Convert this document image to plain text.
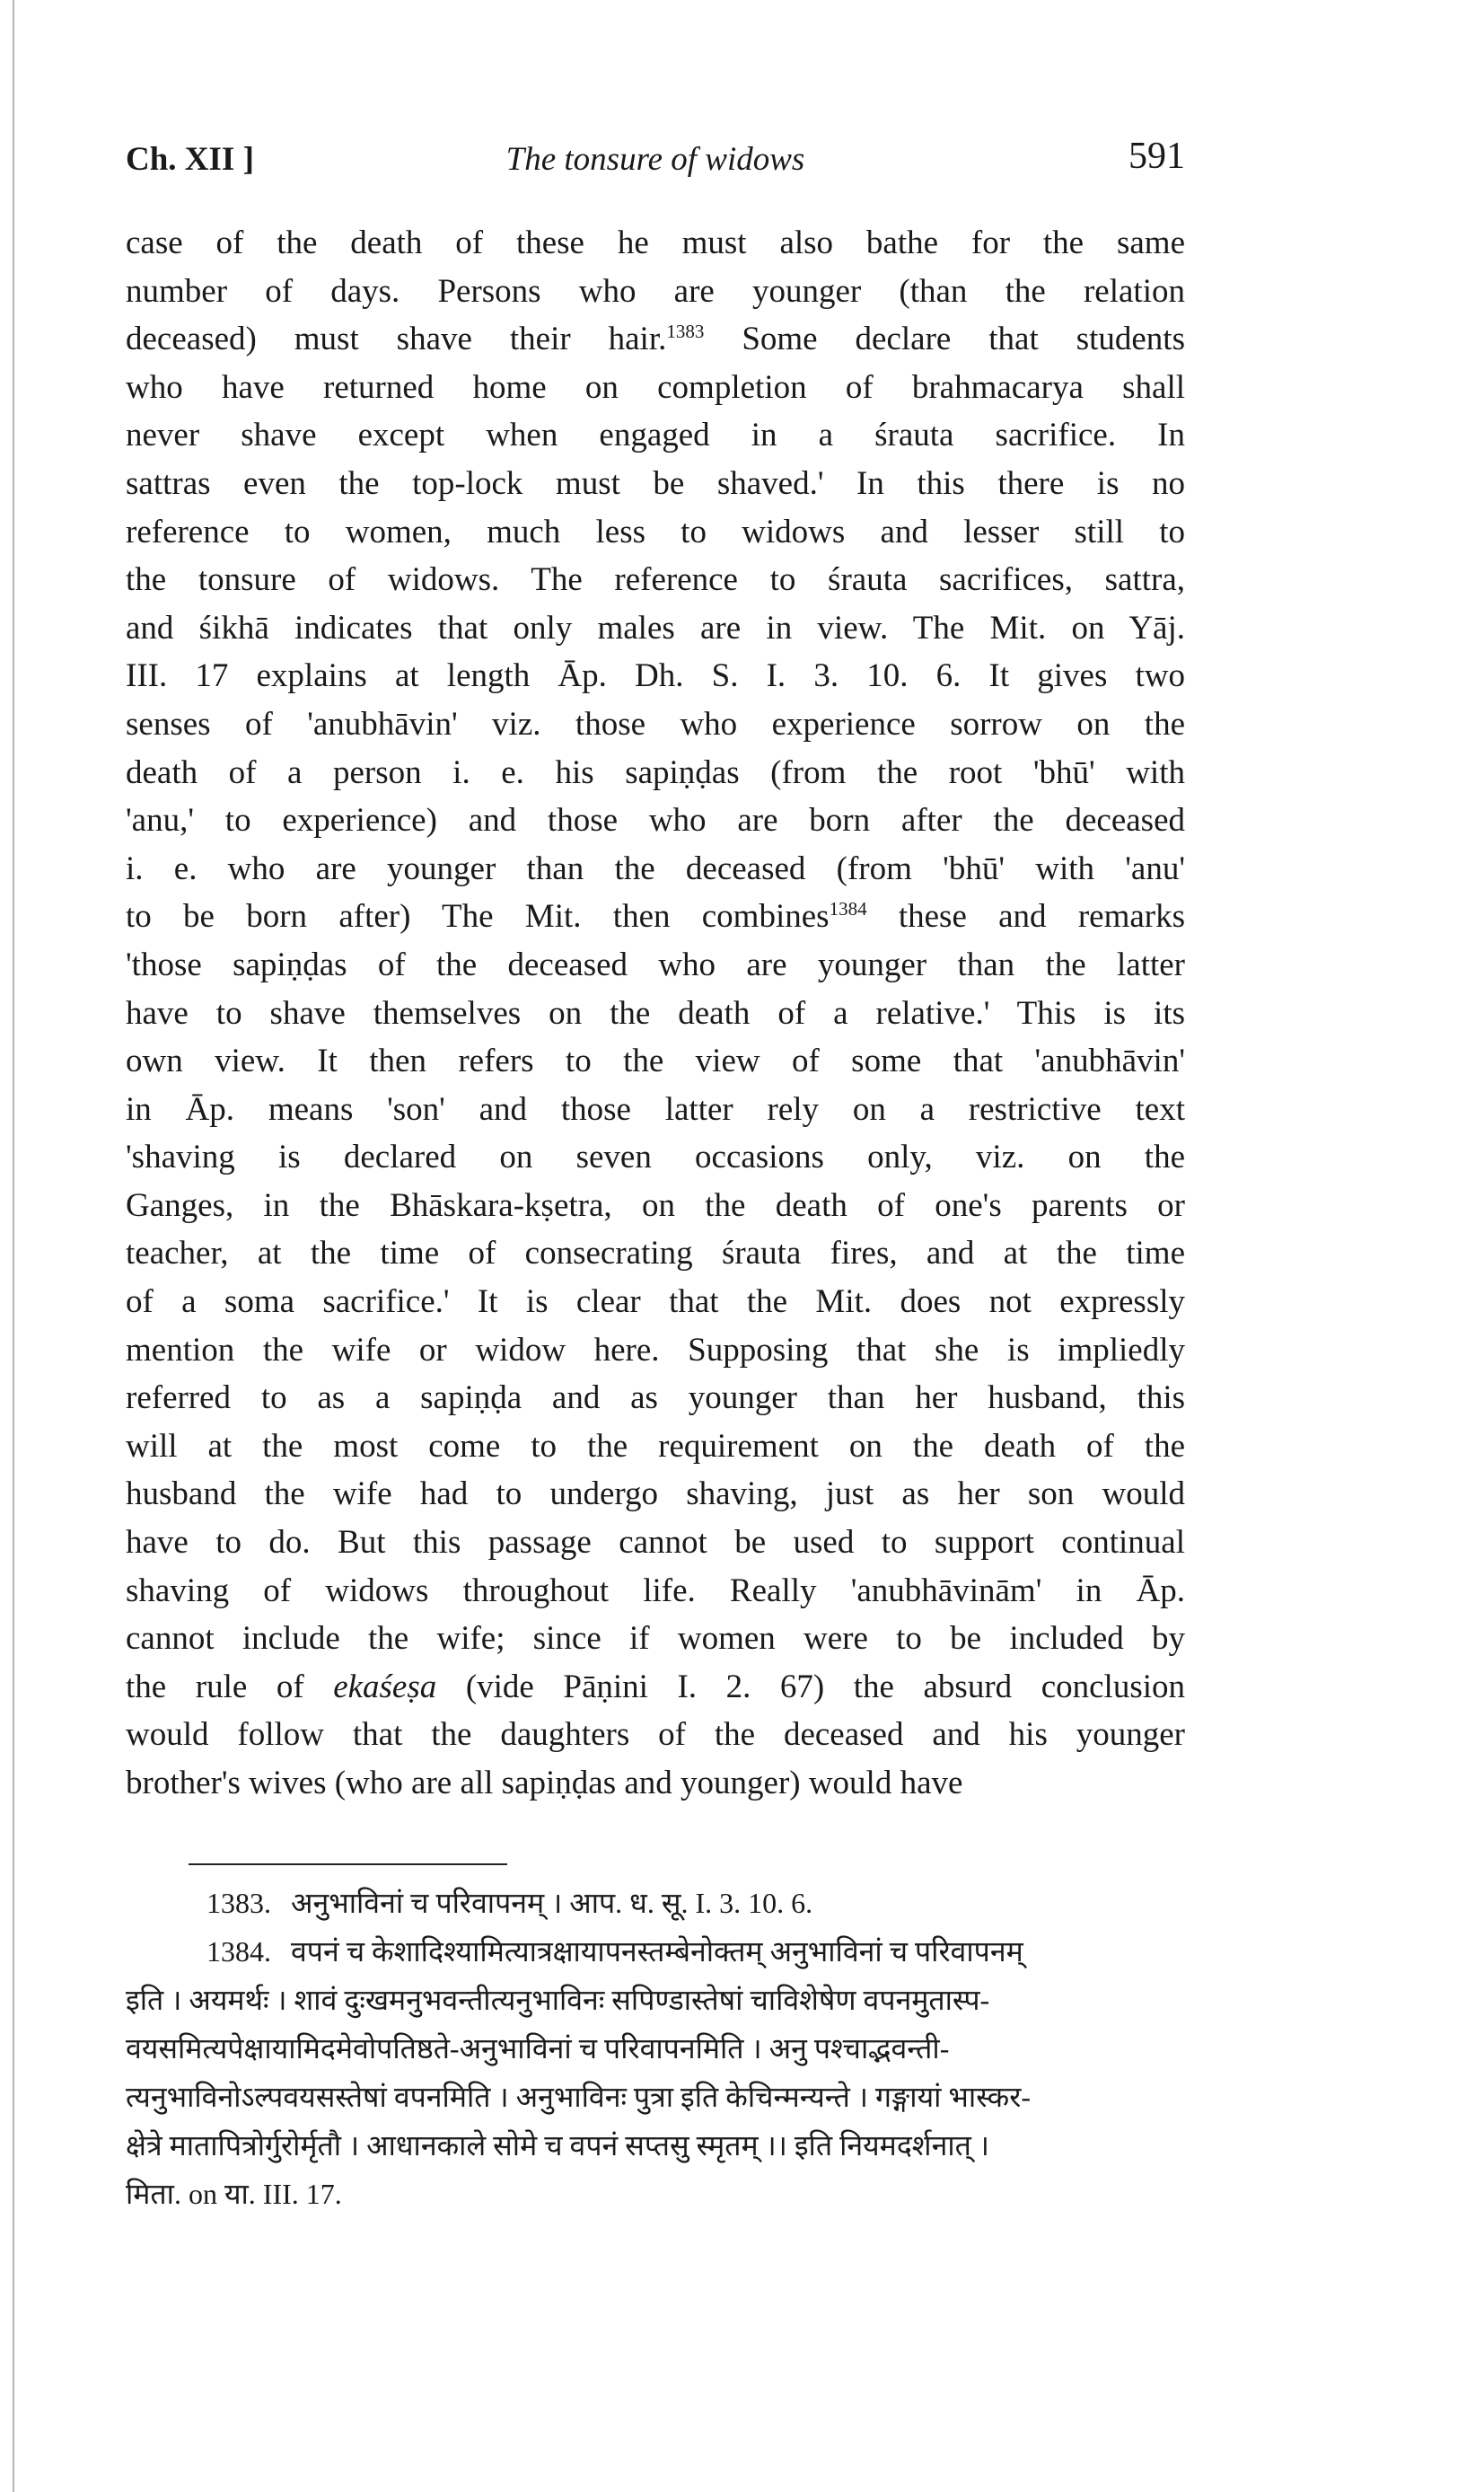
Ch. XII ]	The tonsure of widows	591
case of the death of these he must also bathe for the same
number of days. Persons who are younger (than the relation
deceased) must shave their hair.$^{1383}$ Some declare that students
who have returned home on completion of brahmacarya shall
never shave except when engaged in a śrauta sacrifice. In
sattras even the top-lock must be shaved.' In this there is no
reference to women, much less to widows and lesser still to
the tonsure of widows. The reference to śrauta sacrifices, sattra,
and śikhā indicates that only males are in view. The Mit. on Yāj.
III. 17 explains at length Āp. Dh. S. I. 3. 10. 6. It gives two
senses of 'anubhāvin' viz. those who experience sorrow on the
death of a person i. e. his sapiṇḍas (from the root 'bhū' with
'anu,' to experience) and those who are born after the deceased
i. e. who are younger than the deceased (from 'bhū' with 'anu'
to be born after) The Mit. then combines$^{1384}$ these and remarks
'those sapiṇḍas of the deceased who are younger than the latter
have to shave themselves on the death of a relative.' This is its
own view. It then refers to the view of some that 'anubhāvin'
in Āp. means 'son' and those latter rely on a restrictive text
'shaving is declared on seven occasions only, viz. on the
Ganges, in the Bhāskara-kṣetra, on the death of one's parents or
teacher, at the time of consecrating śrauta fires, and at the time
of a soma sacrifice.' It is clear that the Mit. does not expressly
mention the wife or widow here. Supposing that she is impliedly
referred to as a sapiṇḍa and as younger than her husband, this
will at the most come to the requirement on the death of the
husband the wife had to undergo shaving, just as her son would
have to do. But this passage cannot be used to support continual
shaving of widows throughout life. Really 'anubhāvinām' in Āp.
cannot include the wife; since if women were to be included by
the rule of ekaśeṣa (vide Pāṇini I. 2. 67) the absurd conclusion
would follow that the daughters of the deceased and his younger
brother's wives (who are all sapiṇḍas and younger) would have
1383. अनुभाविनां च परिवापनम् । आप. ध. सू. I. 3. 10. 6.
1384. वपनं च केशादिश्यामित्यात्रक्षायापनस्तम्बेनोक्तम् अनुभाविनां च परिवापनम्
इति । अयमर्थः । शावं दुःखमनुभवन्तीत्यनुभाविनः सपिण्डास्तेषां चाविशेषेण वपनमुतास्प-
वयसमित्यपेक्षायामिदमेवोपतिष्ठते-अनुभाविनां च परिवापनमिति । अनु पश्चाद्भवन्ती-
त्यनुभाविनोऽल्पवयसस्तेषां वपनमिति । अनुभाविनः पुत्रा इति केचिन्मन्यन्ते । गङ्गायां भास्कर-
क्षेत्रे मातापित्रोर्गुरोर्मृतौ । आधानकाले सोमे च वपनं सप्तसु स्मृतम् ।। इति नियमदर्शनात् ।
मिता. on या. III. 17.
